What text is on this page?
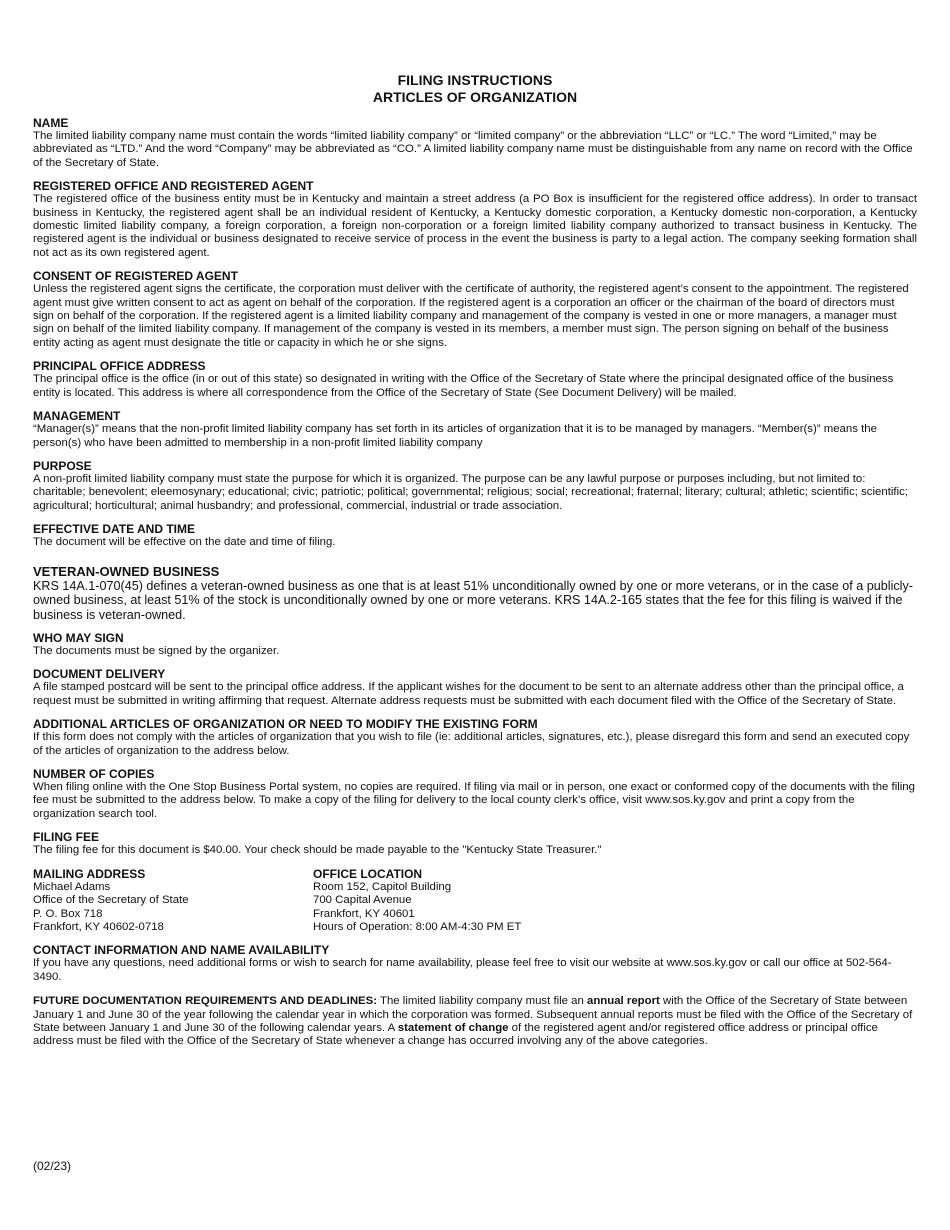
FILING INSTRUCTIONS
ARTICLES OF ORGANIZATION
NAME
The limited liability company name must contain the words “limited liability company” or “limited company” or the abbreviation “LLC” or “LC.” The word “Limited,” may be abbreviated as “LTD.” And the word “Company” may be abbreviated as “CO.” A limited liability company name must be distinguishable from any name on record with the Office of the Secretary of State.
REGISTERED OFFICE AND REGISTERED AGENT
The registered office of the business entity must be in Kentucky and maintain a street address (a PO Box is insufficient for the registered office address). In order to transact business in Kentucky, the registered agent shall be an individual resident of Kentucky, a Kentucky domestic corporation, a Kentucky domestic non-corporation, a Kentucky domestic limited liability company, a foreign corporation, a foreign non-corporation or a foreign limited liability company authorized to transact business in Kentucky. The registered agent is the individual or business designated to receive service of process in the event the business is party to a legal action. The company seeking formation shall not act as its own registered agent.
CONSENT OF REGISTERED AGENT
Unless the registered agent signs the certificate, the corporation must deliver with the certificate of authority, the registered agent’s consent to the appointment. The registered agent must give written consent to act as agent on behalf of the corporation. If the registered agent is a corporation an officer or the chairman of the board of directors must sign on behalf of the corporation. If the registered agent is a limited liability company and management of the company is vested in one or more managers, a manager must sign on behalf of the limited liability company. If management of the company is vested in its members, a member must sign. The person signing on behalf of the business entity acting as agent must designate the title or capacity in which he or she signs.
PRINCIPAL OFFICE ADDRESS
The principal office is the office (in or out of this state) so designated in writing with the Office of the Secretary of State where the principal designated office of the business entity is located. This address is where all correspondence from the Office of the Secretary of State (See Document Delivery) will be mailed.
MANAGEMENT
“Manager(s)” means that the non-profit limited liability company has set forth in its articles of organization that it is to be managed by managers. “Member(s)” means the person(s) who have been admitted to membership in a non-profit limited liability company
PURPOSE
A non-profit limited liability company must state the purpose for which it is organized. The purpose can be any lawful purpose or purposes including, but not limited to: charitable; benevolent; eleemosynary; educational; civic; patriotic; political; governmental; religious; social; recreational; fraternal; literary; cultural; athletic; scientific; scientific; agricultural; horticultural; animal husbandry; and professional, commercial, industrial or trade association.
EFFECTIVE DATE AND TIME
The document will be effective on the date and time of filing.
VETERAN-OWNED BUSINESS
KRS 14A.1-070(45) defines a veteran-owned business as one that is at least 51% unconditionally owned by one or more veterans, or in the case of a publicly-owned business, at least 51% of the stock is unconditionally owned by one or more veterans. KRS 14A.2-165 states that the fee for this filing is waived if the business is veteran-owned.
WHO MAY SIGN
The documents must be signed by the organizer.
DOCUMENT DELIVERY
A file stamped postcard will be sent to the principal office address. If the applicant wishes for the document to be sent to an alternate address other than the principal office, a request must be submitted in writing affirming that request. Alternate address requests must be submitted with each document filed with the Office of the Secretary of State.
ADDITIONAL ARTICLES OF ORGANIZATION OR NEED TO MODIFY THE EXISTING FORM
If this form does not comply with the articles of organization that you wish to file (ie: additional articles, signatures, etc.), please disregard this form and send an executed copy of the articles of organization to the address below.
NUMBER OF COPIES
When filing online with the One Stop Business Portal system, no copies are required. If filing via mail or in person, one exact or conformed copy of the documents with the filing fee must be submitted to the address below. To make a copy of the filing for delivery to the local county clerk’s office, visit www.sos.ky.gov and print a copy from the organization search tool.
FILING FEE
The filing fee for this document is $40.00. Your check should be made payable to the "Kentucky State Treasurer."
MAILING ADDRESS
Michael Adams
Office of the Secretary of State
P. O. Box 718
Frankfort, KY 40602-0718
OFFICE LOCATION
Room 152, Capitol Building
700 Capital Avenue
Frankfort, KY 40601
Hours of Operation: 8:00 AM-4:30 PM ET
CONTACT INFORMATION AND NAME AVAILABILITY
If you have any questions, need additional forms or wish to search for name availability, please feel free to visit our website at www.sos.ky.gov or call our office at 502-564-3490.
FUTURE DOCUMENTATION REQUIREMENTS AND DEADLINES: The limited liability company must file an annual report with the Office of the Secretary of State between January 1 and June 30 of the year following the calendar year in which the corporation was formed. Subsequent annual reports must be filed with the Office of the Secretary of State between January 1 and June 30 of the following calendar years. A statement of change of the registered agent and/or registered office address or principal office address must be filed with the Office of the Secretary of State whenever a change has occurred involving any of the above categories.
(02/23)
